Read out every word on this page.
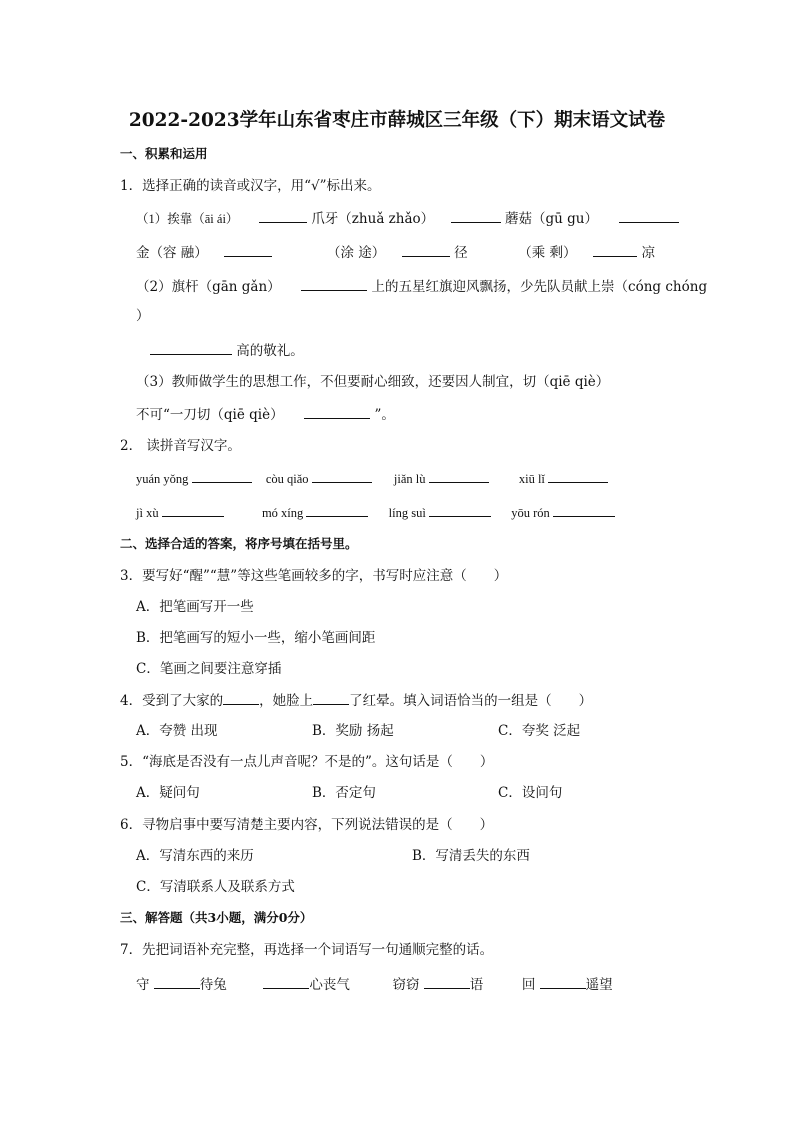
2022-2023学年山东省枣庄市薛城区三年级（下）期末语文试卷
一、积累和运用
1．选择正确的读音或汉字，用“√”标出来。
（1）挨靠（āi ái）	爪牙（zhuǎ zhǎo）	蘑菇（gū gu）
金（容 融）	（涂 途）	径	（乘 剩）	凉
（2）旗杆（gān gǎn）	上的五星红旗迎风飘扬，少先队员献上崇（cóng chóng
）
高的敬礼。
（3）教师做学生的思想工作，不但要耐心细致，还要因人制宜，切（qiē qiè）
不可“一刀切（qiē qiè）	”。
2． 读拼音写汉字。
yuán yǒng	còu qiǎo	jiǎn lù	xiū lǐ
jì xù	mó xíng	líng suì	yōu rón
二、选择合适的答案，将序号填在括号里。
3．要写好“醒”“慧”等这些笔画较多的字，书写时应注意（　　）
A．把笔画写开一些
B．把笔画写的短小一些，缩小笔画间距
C．笔画之间要注意穿插
4．受到了大家的	，她脸上	了红晕。填入词语恰当的一组是（　　）
A．夸赞 出现	B．奖励 扬起	C．夸奖 泛起
5．“海底是否没有一点儿声音呢？不是的”。这句话是（　　）
A．疑问句	B．否定句	C．设问句
6．寻物启事中要写清楚主要内容，下列说法错误的是（　　）
A．写清东西的来历	B．写清丢失的东西
C．写清联系人及联系方式
三、解答题（共3小题，满分0分）
7．先把词语补充完整，再选择一个词语写一句通顺完整的话。
守	待兔	心丧气	窃窃	语	回	遥望
